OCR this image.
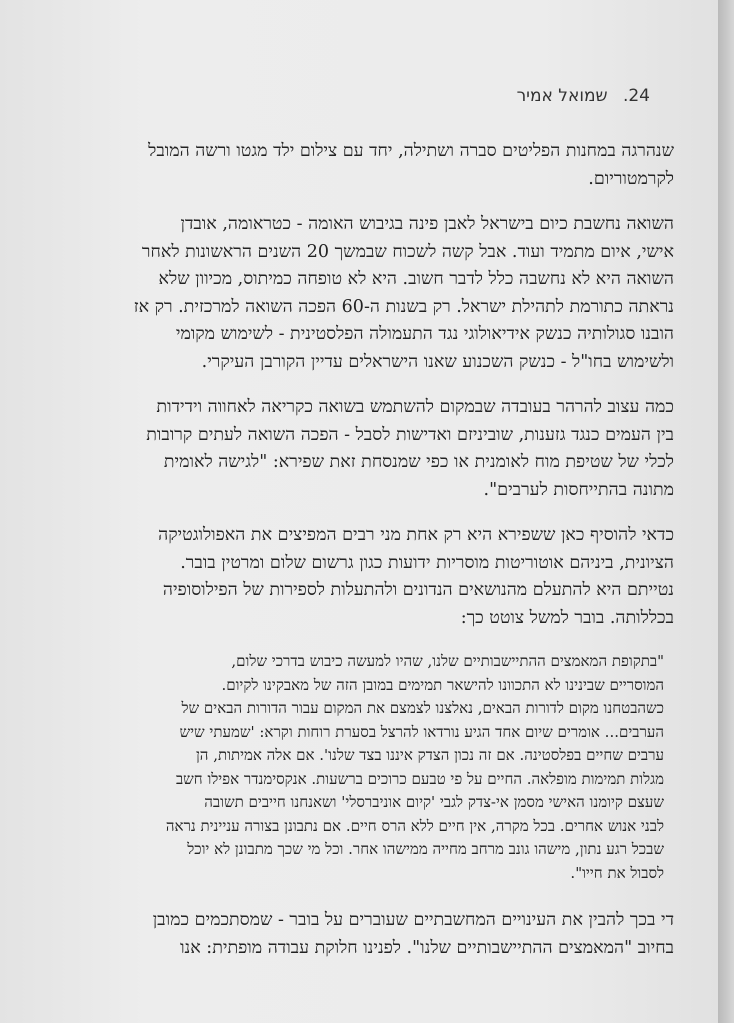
24. שמואל אמיר

שנהרגה במחנות הפליטים סברה ושתילה, יחד עם צילום ילד מגטו ורשה המובל
לקרמטוריום.

השואה נחשבת כיום בישראל לאבן פינה בגיבוש האומה - כטראומה, אובדן
אישי, איום מתמיד ועוד. אבל קשה לשכוח שבמשך 20 השנים הראשונות לאחר
השואה היא לא נחשבה כלל לדבר חשוב. היא לא טופחה כמיתוס, מכיוון שלא
נראתה כתורמת לתהילת ישראל. רק בשנות ה-60 הפכה השואה למרכזית. רק אז
הובנו סגולותיה כנשק אידיאולוגי נגד התעמולה הפלסטינית - לשימוש מקומי
ולשימוש בחו"ל - כנשק השכנוע שאנו הישראלים עדיין הקורבן העיקרי.

כמה עצוב להרהר בעובדה שבמקום להשתמש בשואה כקריאה לאחווה וידידות
בין העמים כנגד גזענות, שוביניזם ואדישות לסבל - הפכה השואה לעתים קרובות
לכלי של שטיפת מוח לאומנית או כפי שמנסחת זאת שפירא: "לגישה לאומית
מתונה בהתייחסות לערבים".

כדאי להוסיף כאן ששפירא היא רק אחת מני רבים המפיצים את האפולוגטיקה
הציונית, ביניהם אוטוריטות מוסריות ידועות כגון גרשום שלום ומרטין בובר.
נטייתם היא להתעלם מהנושאים הנדונים ולהתעלות לספירות של הפילוסופיה
בכללותה. בובר למשל צוטט כך:

"בתקופת המאמצים ההתיישבותיים שלנו, שהיו למעשה כיבוש בדרכי שלום,
המוסריים שבינינו לא התכוונו להישאר תמימים במובן הזה של מאבקינו לקיום.
כשהבטחנו מקום לדורות הבאים, נאלצנו לצמצם את המקום עבור הדורות הבאים של
הערבים... אומרים שיום אחד הגיע נורדאו להרצל בסערת רוחות וקרא: 'שמעתי שיש
ערבים שחיים בפלסטינה. אם זה נכון הצדק איננו בצד שלנו'. אם אלה אמיתות, הן
מגלות תמימות מופלאה. החיים על פי טבעם כרוכים ברשעות. אנקסימנדר אפילו חשב
שעצם קיומנו האישי מסמן אי-צדק לגבי 'קיום אוניברסלי' ושאנחנו חייבים תשובה
לבני אנוש אחרים. בכל מקרה, אין חיים ללא הרס חיים. אם נתבונן בצורה עניינית נראה
שבכל רגע נתון, מישהו גונב מרחב מחייה ממישהו אחר. וכל מי שכך מתבונן לא יוכל
לסבול את חייו".

די בכך להבין את העינויים המחשבתיים שעוברים על בובר - שמסתכמים כמובן
בחיוב "המאמצים ההתיישבותיים שלנו". לפנינו חלוקת עבודה מופתית: אנו
